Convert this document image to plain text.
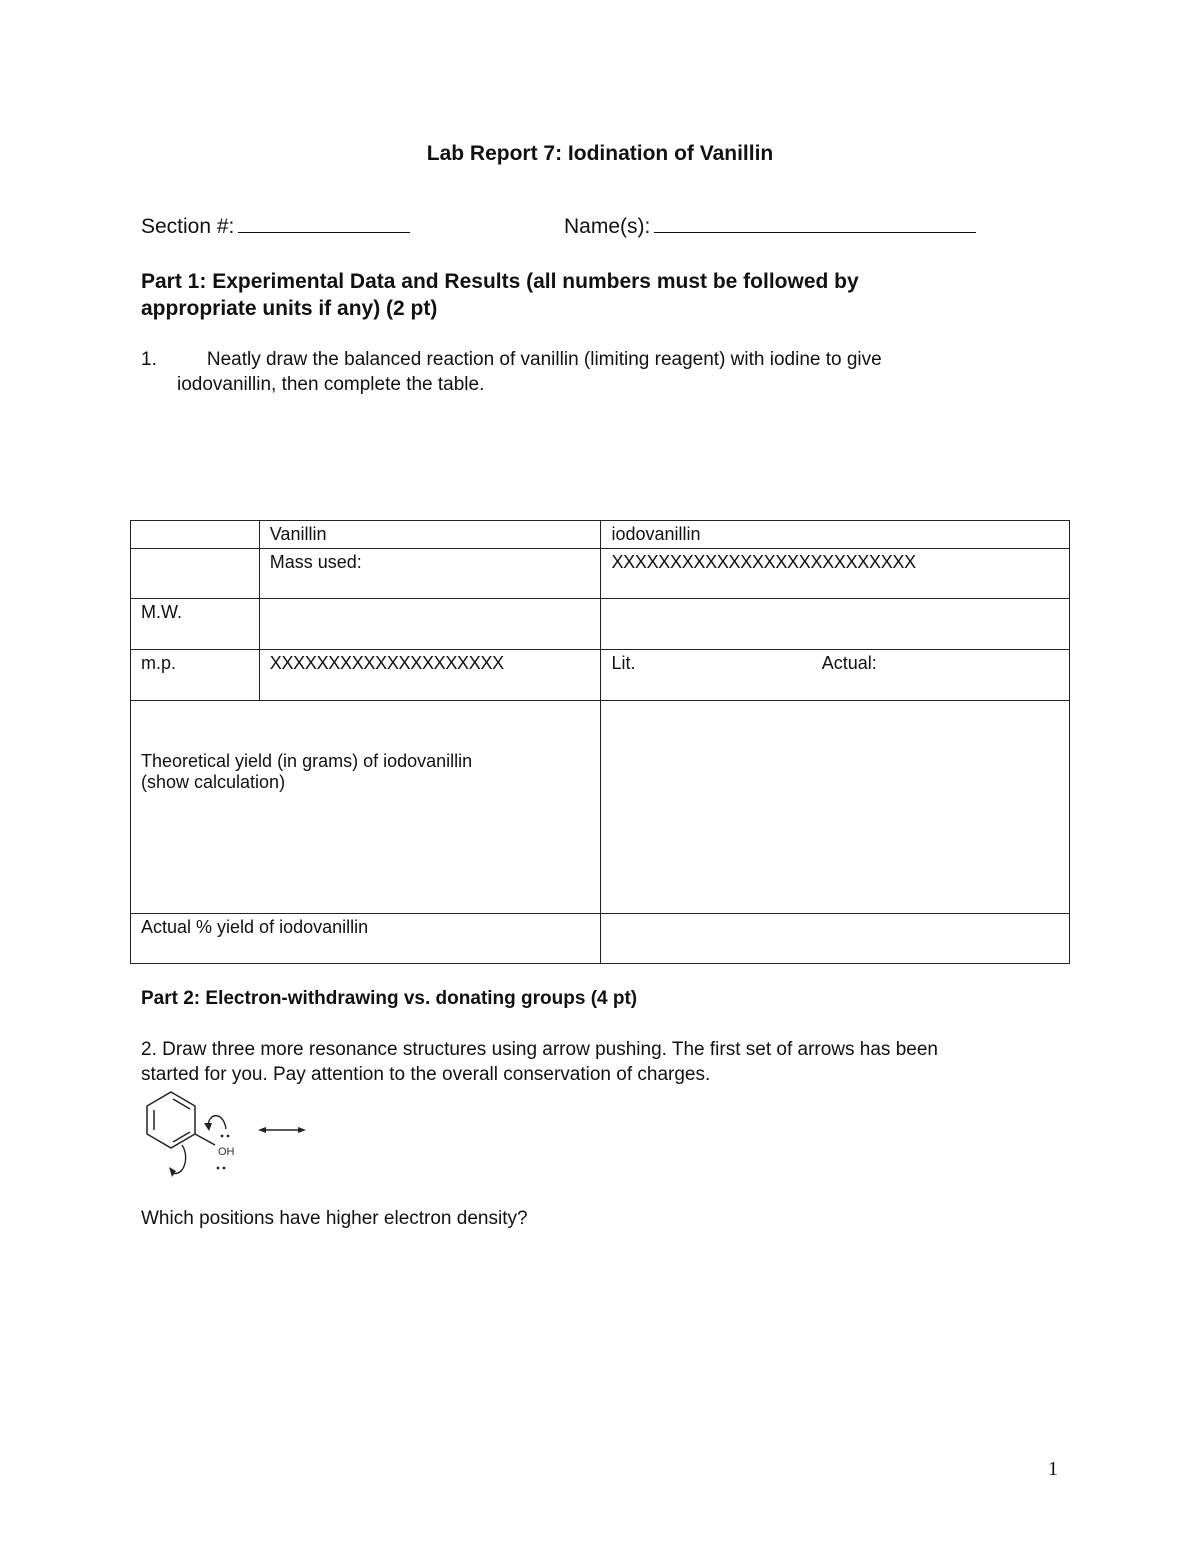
Lab Report 7: Iodination of Vanillin
Section #:	Name(s):
Part 1: Experimental Data and Results (all numbers must be followed by
appropriate units if any) (2 pt)
1.	Neatly draw the balanced reaction of vanillin (limiting reagent) with iodine to give
iodovanillin, then complete the table.
	Vanillin	iodovanillin	
	Mass used:	XXXXXXXXXXXXXXXXXXXXXXXXXX	
M.W.			
m.p.	XXXXXXXXXXXXXXXXXXXX	Lit.	Actual:

Theoretical yield (in grams) of iodovanillin
(show calculation)			

Actual % yield of iodovanillin			
Part 2: Electron-withdrawing vs. donating groups (4 pt)
2. Draw three more resonance structures using arrow pushing. The first set of arrows has been
started for you. Pay attention to the overall conservation of charges.
OH
Which positions have higher electron density?
1
